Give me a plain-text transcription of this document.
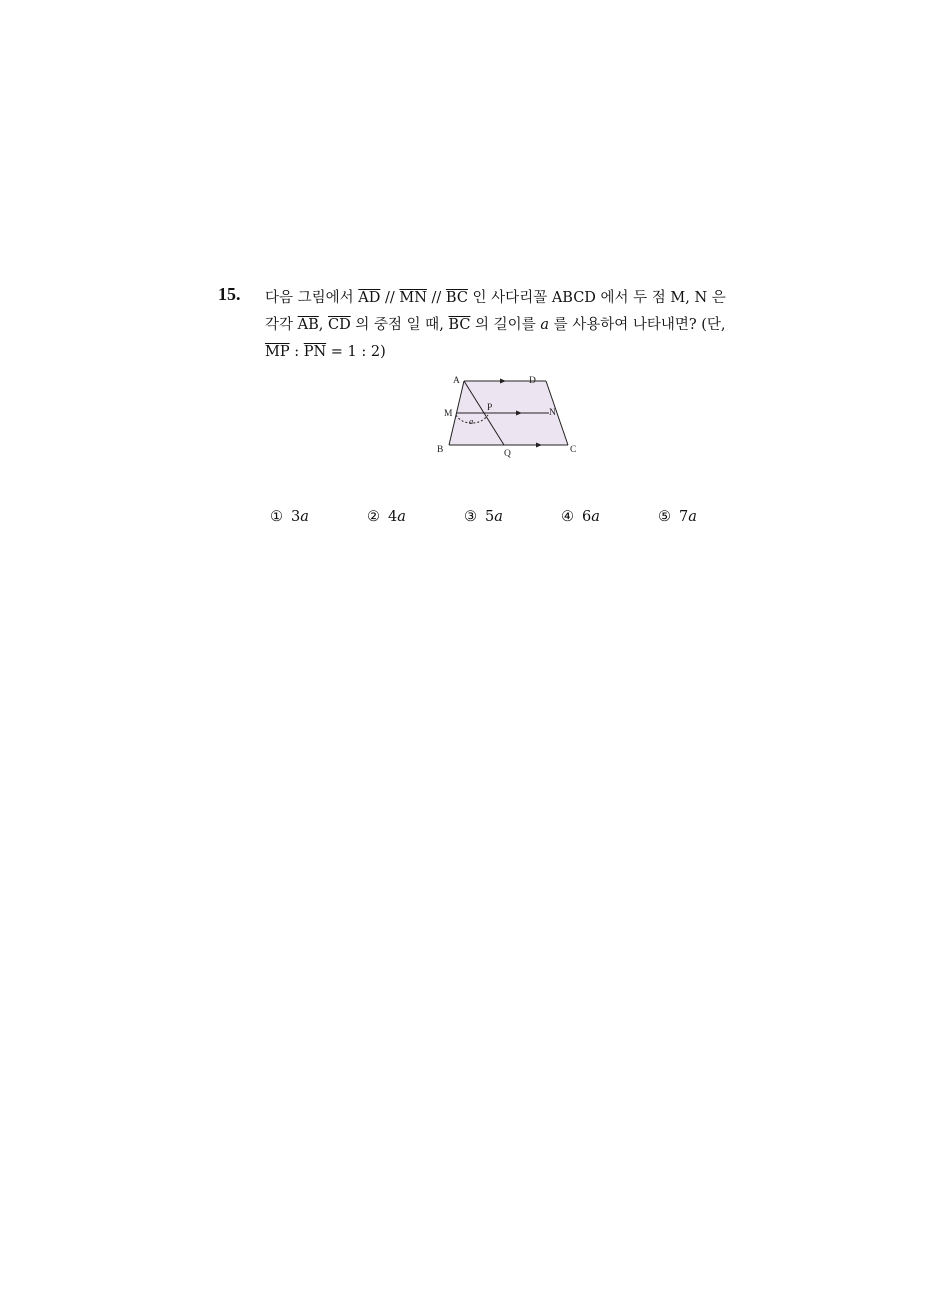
15. 다음 그림에서 $\overline{AD} // \overline{MN} // \overline{BC}$ 인 사다리꼴 ABCD 에서 두 점 M, N 은
각각 $\overline{AB}$, $\overline{CD}$ 의 중점 일 때, $\overline{BC}$ 의 길이를 a 를 사용하여 나타내면? (단,
$\overline{MP}$ : $\overline{PN} = 1$ : 2)
A	D
M
P	N
B	Q	C
a
① 3a	② 4a	③ 5a	④ 6a	⑤ 7a
